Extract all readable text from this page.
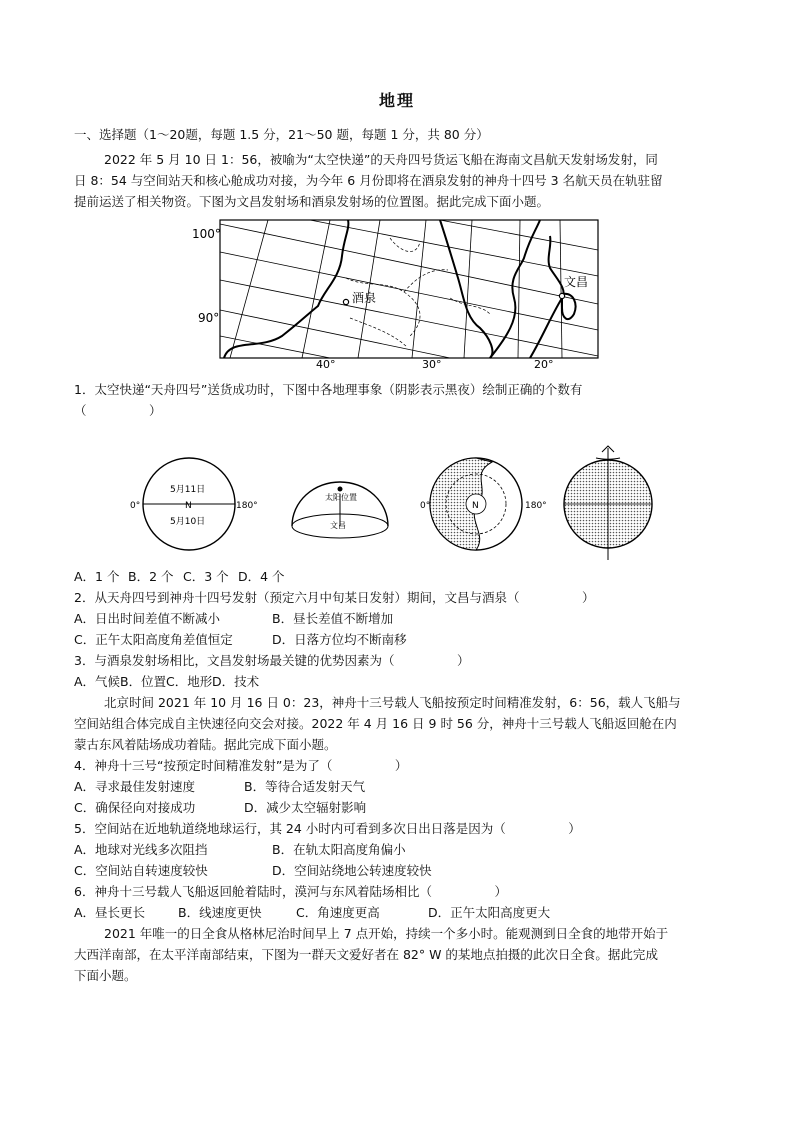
地理
一、选择题（1～20题，每题 1.5 分，21～50 题，每题 1 分，共 80 分）
2022 年 5 月 10 日 1：56，被喻为“太空快递”的天舟四号货运飞船在海南文昌航天发射场发射，同
日 8：54 与空间站天和核心舱成功对接，为今年 6 月份即将在酒泉发射的神舟十四号 3 名航天员在轨驻留
提前运送了相关物资。下图为文昌发射场和酒泉发射场的位置图。据此完成下面小题。
酒泉
文昌
100°
90°
40°	30°	20°
1．太空快递“天舟四号”送货成功时，下图中各地理事象（阴影表示黑夜）绘制正确的个数有
（　　　　　）
5月11日
N
5月10日
0°	180°
太阳位置
文昌
N
0°	180°
A．1 个 B．2 个 C．3 个 D．4 个
2．从天舟四号到神舟十四号发射（预定六月中旬某日发射）期间，文昌与酒泉（　　　　　）
A．日出时间差值不断减小	B．昼长差值不断增加
C．正午太阳高度角差值恒定	D．日落方位均不断南移
3．与酒泉发射场相比，文昌发射场最关键的优势因素为（　　　　　）
A．气候 B．位置 C．地形 D．技术
北京时间 2021 年 10 月 16 日 0：23，神舟十三号载人飞船按预定时间精准发射，6：56，载人飞船与
空间站组合体完成自主快速径向交会对接。2022 年 4 月 16 日 9 时 56 分，神舟十三号载人飞船返回舱在内
蒙古东风着陆场成功着陆。据此完成下面小题。
4．神舟十三号“按预定时间精准发射”是为了（　　　　　）
A．寻求最佳发射速度	B．等待合适发射天气
C．确保径向对接成功	D．减少太空辐射影响
5．空间站在近地轨道绕地球运行，其 24 小时内可看到多次日出日落是因为（　　　　　）
A．地球对光线多次阻挡	B．在轨太阳高度角偏小
C．空间站自转速度较快	D．空间站绕地公转速度较快
6．神舟十三号载人飞船返回舱着陆时，漠河与东风着陆场相比（　　　　　）
A．昼长更长	B．线速度更快	C．角速度更高	D．正午太阳高度更大
2021 年唯一的日全食从格林尼治时间早上 7 点开始，持续一个多小时。能观测到日全食的地带开始于
大西洋南部，在太平洋南部结束，下图为一群天文爱好者在 82° W 的某地点拍摄的此次日全食。据此完成
下面小题。
